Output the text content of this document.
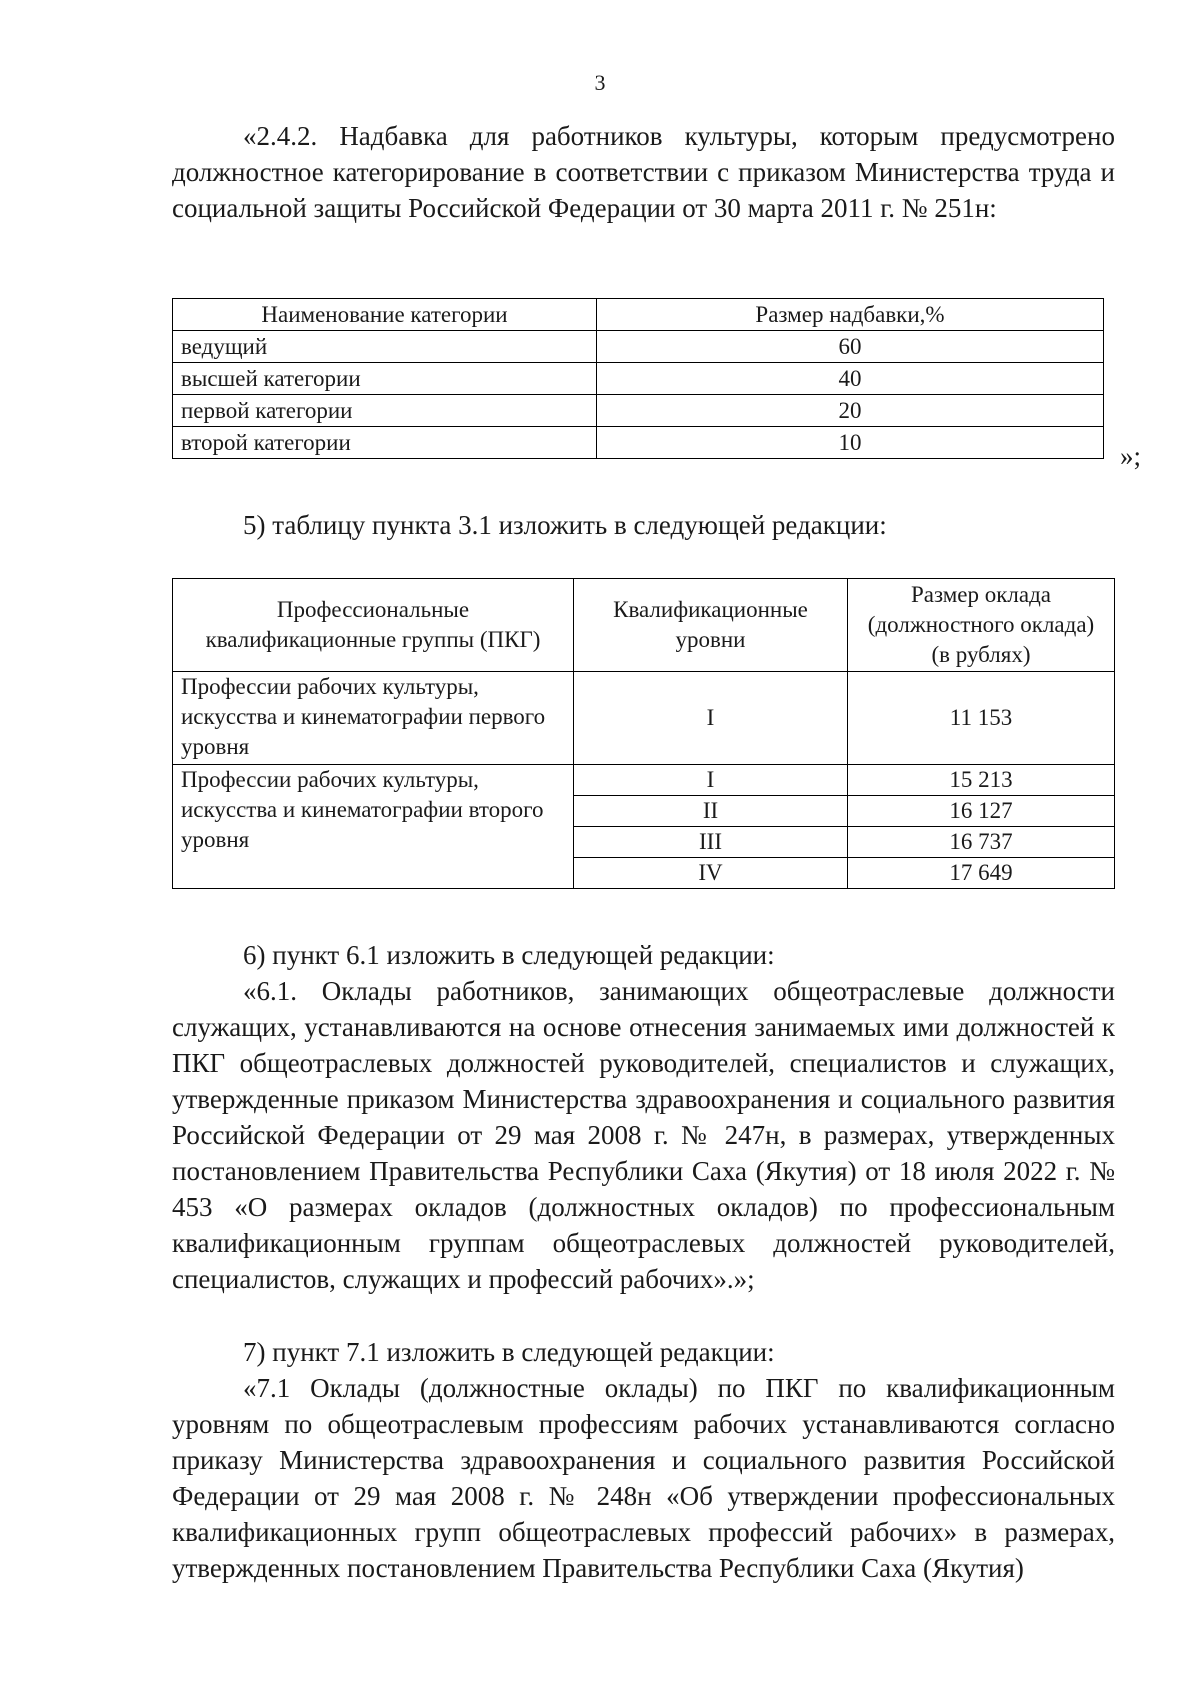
3

«2.4.2. Надбавка для работников культуры, которым предусмотрено должностное категорирование в соответствии с приказом Министерства труда и социальной защиты Российской Федерации от 30 марта 2011 г. № 251н:

Наименование категории	Размер надбавки,%
ведущий	60
высшей категории	40
первой категории	20
второй категории	10	»;

5) таблицу пункта 3.1 изложить в следующей редакции:

Профессиональные квалификационные группы (ПКГ)	Квалификационные уровни	Размер оклада (должностного оклада) (в рублях)
Профессии рабочих культуры, искусства и кинематографии первого уровня	I	11 153
Профессии рабочих культуры, искусства и кинематографии второго уровня	I	15 213
	II	16 127
	III	16 737
	IV	17 649

6) пункт 6.1 изложить в следующей редакции:

«6.1. Оклады работников, занимающих общеотраслевые должности служащих, устанавливаются на основе отнесения занимаемых ими должностей к ПКГ общеотраслевых должностей руководителей, специалистов и служащих, утвержденные приказом Министерства здравоохранения и социального развития Российской Федерации от 29 мая 2008 г. № 247н, в размерах, утвержденных постановлением Правительства Республики Саха (Якутия) от 18 июля 2022 г. № 453 «О размерах окладов (должностных окладов) по профессиональным квалификационным группам общеотраслевых должностей руководителей, специалистов, служащих и профессий рабочих».»;

7) пункт 7.1 изложить в следующей редакции:

«7.1 Оклады (должностные оклады) по ПКГ по квалификационным уровням по общеотраслевым профессиям рабочих устанавливаются согласно приказу Министерства здравоохранения и социального развития Российской Федерации от 29 мая 2008 г. № 248н «Об утверждении профессиональных квалификационных групп общеотраслевых профессий рабочих» в размерах, утвержденных постановлением Правительства Республики Саха (Якутия)
